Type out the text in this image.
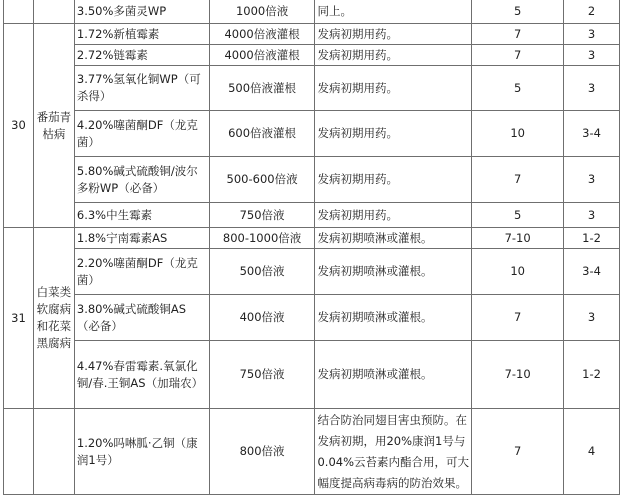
		3.50%多菌灵WP	1000倍液	同上。	5	2
30	番茄青枯病	1.72%新植霉素	4000倍液灌根	发病初期用药。	7	3
		2.72%链霉素	4000倍液灌根	发病初期用药。	7	3
		3.77%氢氧化铜WP（可杀得）	500倍液灌根	发病初期用药。	5	3
		4.20%噻菌酮DF（龙克菌）	600倍液灌根	发病初期用药。	10	3-4
		5.80%碱式硫酸铜/波尔多粉WP（必备）	500-600倍液	发病初期用药。	7	3
		6.3%中生霉素	750倍液	发病初期用药。	5	3
31	白菜类软腐病和花菜黑腐病	1.8%宁南霉素AS	800-1000倍液	发病初期喷淋或灌根。	7-10	1-2
		2.20%噻菌酮DF（龙克菌）	500倍液	发病初期喷淋或灌根。	10	3-4
		3.80%碱式硫酸铜AS（必备）	400倍液	发病初期喷淋或灌根。	7	3
		4.47%春雷霉素.氧氯化铜/春.王铜AS（加瑞农）	750倍液	发病初期喷淋或灌根。	7-10	1-2
		1.20%吗啉胍·乙铜（康润1号）	800倍液	结合防治同翅目害虫预防。在发病初期，用20%康润1号与0.04%云苔素内酯合用，可大幅度提高病毒病的防治效果。	7	4
